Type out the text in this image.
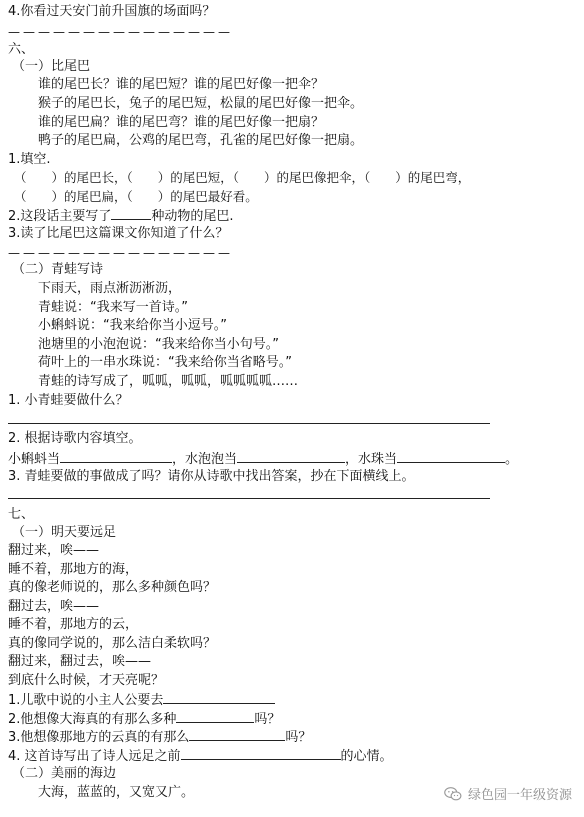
4.你看过天安门前升国旗的场面吗？
———————————————
六、
（一）比尾巴
谁的尾巴长？谁的尾巴短？谁的尾巴好像一把伞？
猴子的尾巴长，兔子的尾巴短，松鼠的尾巴好像一把伞。
谁的尾巴扁？谁的尾巴弯？谁的尾巴好像一把扇？
鸭子的尾巴扁，公鸡的尾巴弯，孔雀的尾巴好像一把扇。
1.填空.
（　　）的尾巴长，（　　）的尾巴短，（　　）的尾巴像把伞，（　　）的尾巴弯，
（　　）的尾巴扁，（　　）的尾巴最好看。
2.这段话主要写了	种动物的尾巴.
3.读了比尾巴这篇课文你知道了什么？
———————————————
（二）青蛙写诗
下雨天，雨点淅沥淅沥，
青蛙说：“我来写一首诗。”
小蝌蚪说：“我来给你当小逗号。”
池塘里的小泡泡说：“我来给你当小句号。”
荷叶上的一串水珠说：“我来给你当省略号。”
青蛙的诗写成了，呱呱，呱呱，呱呱呱呱……
1. 小青蛙要做什么？
2. 根据诗歌内容填空。
小蝌蚪当	，水泡泡当	，水珠当	。
3. 青蛙要做的事做成了吗？请你从诗歌中找出答案，抄在下面横线上。
七、
（一）明天要远足
翻过来，唉——
睡不着，那地方的海，
真的像老师说的，那么多种颜色吗？
翻过去，唉——
睡不着，那地方的云，
真的像同学说的，那么洁白柔软吗？
翻过来，翻过去，唉——
到底什么时候，才天亮呢？
1.儿歌中说的小主人公要去
2.他想像大海真的有那么多种	吗？
3.他想像那地方的云真的有那么	吗？
4. 这首诗写出了诗人远足之前	的心情。
（二）美丽的海边
大海，蓝蓝的，又宽又广。	绿色园一年级资源
